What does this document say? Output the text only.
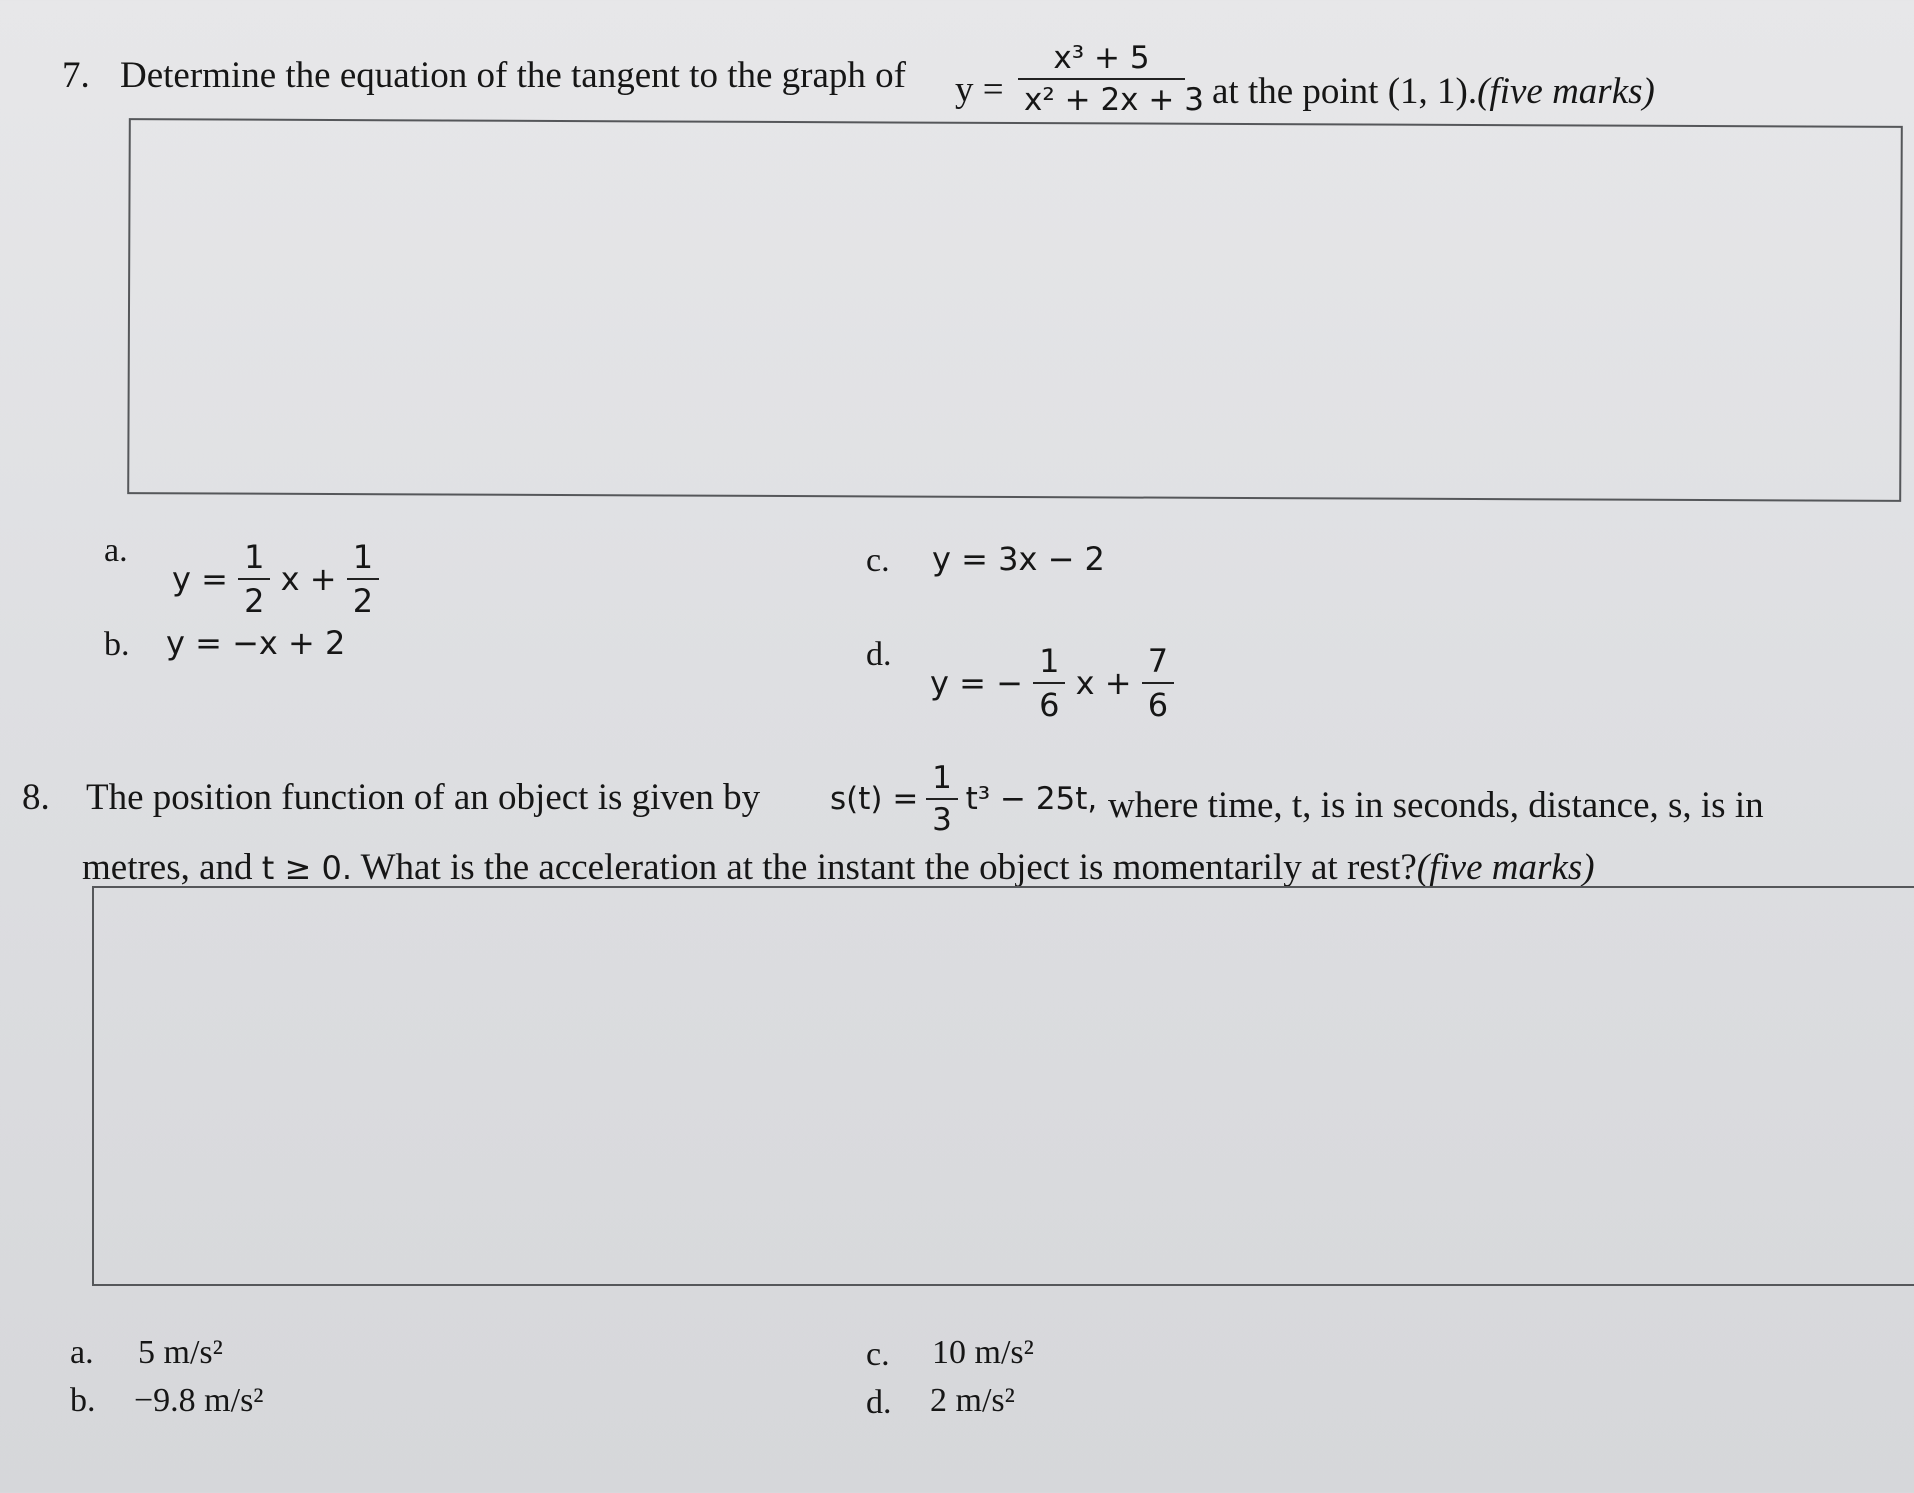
7. Determine the equation of the tangent to the graph of $y = \frac{\text{x³ + 5}}{\text{x² + 2x + 3}}$ at the point (1, 1).(five marks)
a.
$y = \frac{1}{2}$ $x + \frac{1}{2}$
b. y = −x + 2
c. y = 3x − 2
d.
y = − $\frac{1}{6}$ $x + \frac{7}{6}$
8. The position function of an object is given by $s(t) = \frac{1}{3} t^3 - 25t$, where time, t, is in seconds, distance, s, is in
metres, and t ≥ 0. What is the acceleration at the instant the object is momentarily at rest?(five marks)
a. 5 m/s²
b. −9.8 m/s²
c. 10 m/s²
d. 2 m/s²
